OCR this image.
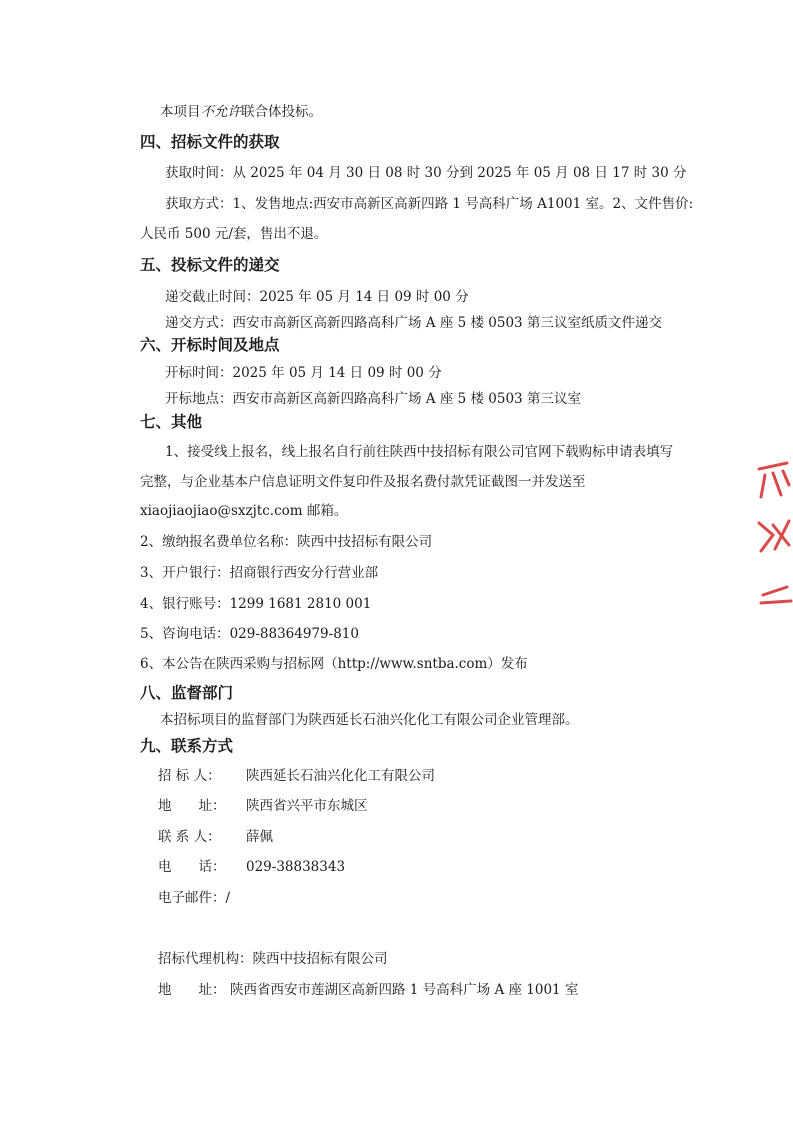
本项目不允许联合体投标。
四、招标文件的获取
获取时间：从 2025 年 04 月 30 日 08 时 30 分到 2025 年 05 月 08 日 17 时 30 分
获取方式：1、发售地点:西安市高新区高新四路 1 号高科广场 A1001 室。2、文件售价:
人民币 500 元/套，售出不退。
五、投标文件的递交
递交截止时间：2025 年 05 月 14 日 09 时 00 分
递交方式：西安市高新区高新四路高科广场 A 座 5 楼 0503 第三议室纸质文件递交
六、开标时间及地点
开标时间：2025 年 05 月 14 日 09 时 00 分
开标地点：西安市高新区高新四路高科广场 A 座 5 楼 0503 第三议室
七、其他
1、接受线上报名，线上报名自行前往陕西中技招标有限公司官网下载购标申请表填写
完整，与企业基本户信息证明文件复印件及报名费付款凭证截图一并发送至
xiaojiaojiao@sxzjtc.com 邮箱。
2、缴纳报名费单位名称：陕西中技招标有限公司
3、开户银行：招商银行西安分行营业部
4、银行账号：1299 1681 2810 001
5、咨询电话：029-88364979-810
6、本公告在陕西采购与招标网（http://www.sntba.com）发布
八、监督部门
本招标项目的监督部门为陕西延长石油兴化化工有限公司企业管理部。
九、联系方式
招 标 人： 陕西延长石油兴化化工有限公司
地　　址： 陕西省兴平市东城区
联 系 人： 薛佩
电　　话： 029-38838343
电子邮件：/
招标代理机构：陕西中技招标有限公司
地　　址： 陕西省西安市莲湖区高新四路 1 号高科广场 A 座 1001 室
